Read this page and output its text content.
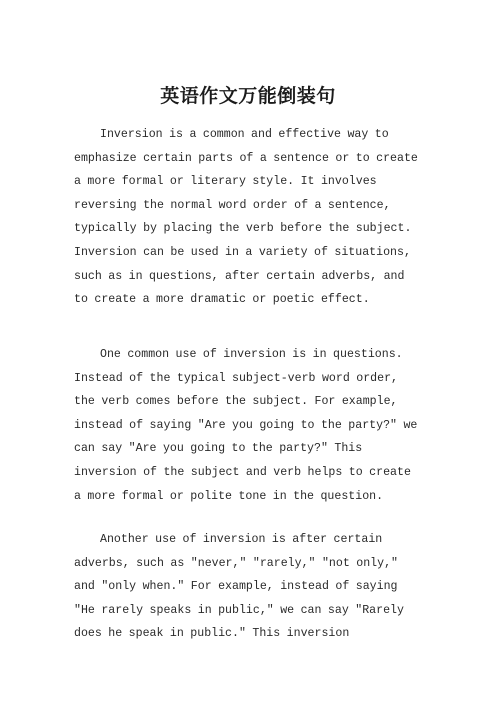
英语作文万能倒装句

Inversion is a common and effective way to emphasize certain parts of a sentence or to create a more formal or literary style. It involves reversing the normal word order of a sentence, typically by placing the verb before the subject. Inversion can be used in a variety of situations, such as in questions, after certain adverbs, and to create a more dramatic or poetic effect.

One common use of inversion is in questions. Instead of the typical subject-verb word order, the verb comes before the subject. For example, instead of saying "Are you going to the party?" we can say "Are you going to the party?" This inversion of the subject and verb helps to create a more formal or polite tone in the question.

Another use of inversion is after certain adverbs, such as "never," "rarely," "not only," and "only when." For example, instead of saying "He rarely speaks in public," we can say "Rarely does he speak in public." This inversion
